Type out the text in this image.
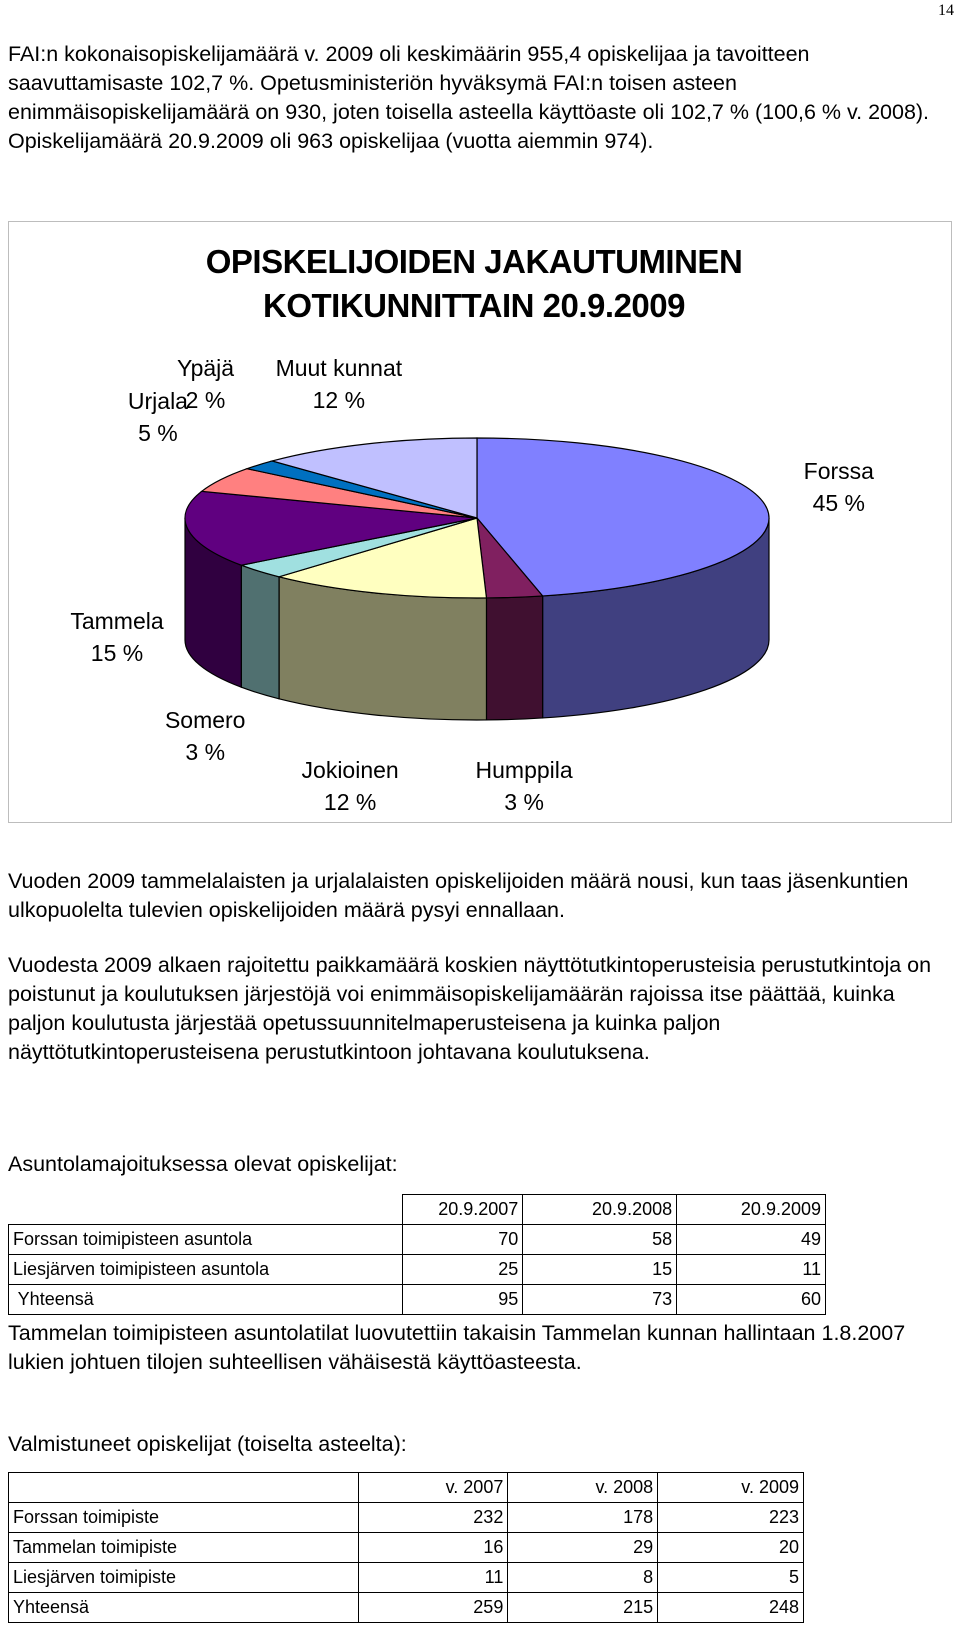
14

FAI:n kokonaisopiskelijamäärä v. 2009 oli keskimäärin 955,4 opiskelijaa ja tavoitteen saavuttamisaste 102,7 %. Opetusministeriön hyväksymä FAI:n toisen asteen enimmäisopiskelijamäärä on 930, joten toisella asteella käyttöaste oli 102,7 % (100,6 % v. 2008). Opiskelijamäärä 20.9.2009 oli 963 opiskelijaa (vuotta aiemmin 974).

OPISKELIJOIDEN JAKAUTUMINEN
KOTIKUNNITTAIN 20.9.2009
Forssa
45 %
Humppila
3 %
Jokioinen
12 %
Somero
3 %
Tammela
15 %
Urjala
5 %
Ypäjä
2 %
Muut kunnat
12 %

Vuoden 2009 tammelalaisten ja urjalalaisten opiskelijoiden määrä nousi, kun taas jäsenkuntien ulkopuolelta tulevien opiskelijoiden määrä pysyi ennallaan.

Vuodesta 2009 alkaen rajoitettu paikkamäärä koskien näyttötutkintoperusteisia perustutkintoja on poistunut ja koulutuksen järjestöjä voi enimmäisopiskelijamäärän rajoissa itse päättää, kuinka paljon koulutusta järjestää opetussuunnitelmaperusteisena ja kuinka paljon näyttötutkintoperusteisena perustutkintoon johtavana koulutuksena.

Asuntolamajoituksessa olevat opiskelijat:
	20.9.2007	20.9.2008	20.9.2009
Forssan toimipisteen asuntola	70	58	49
Liesjärven toimipisteen asuntola	25	15	11
Yhteensä	95	73	60

Tammelan toimipisteen asuntolatilat luovutettiin takaisin Tammelan kunnan hallintaan 1.8.2007 lukien johtuen tilojen suhteellisen vähäisestä käyttöasteesta.

Valmistuneet opiskelijat (toiselta asteelta):
	v. 2007	v. 2008	v. 2009
Forssan toimipiste	232	178	223
Tammelan toimipiste	16	29	20
Liesjärven toimipiste	11	8	5
Yhteensä	259	215	248
